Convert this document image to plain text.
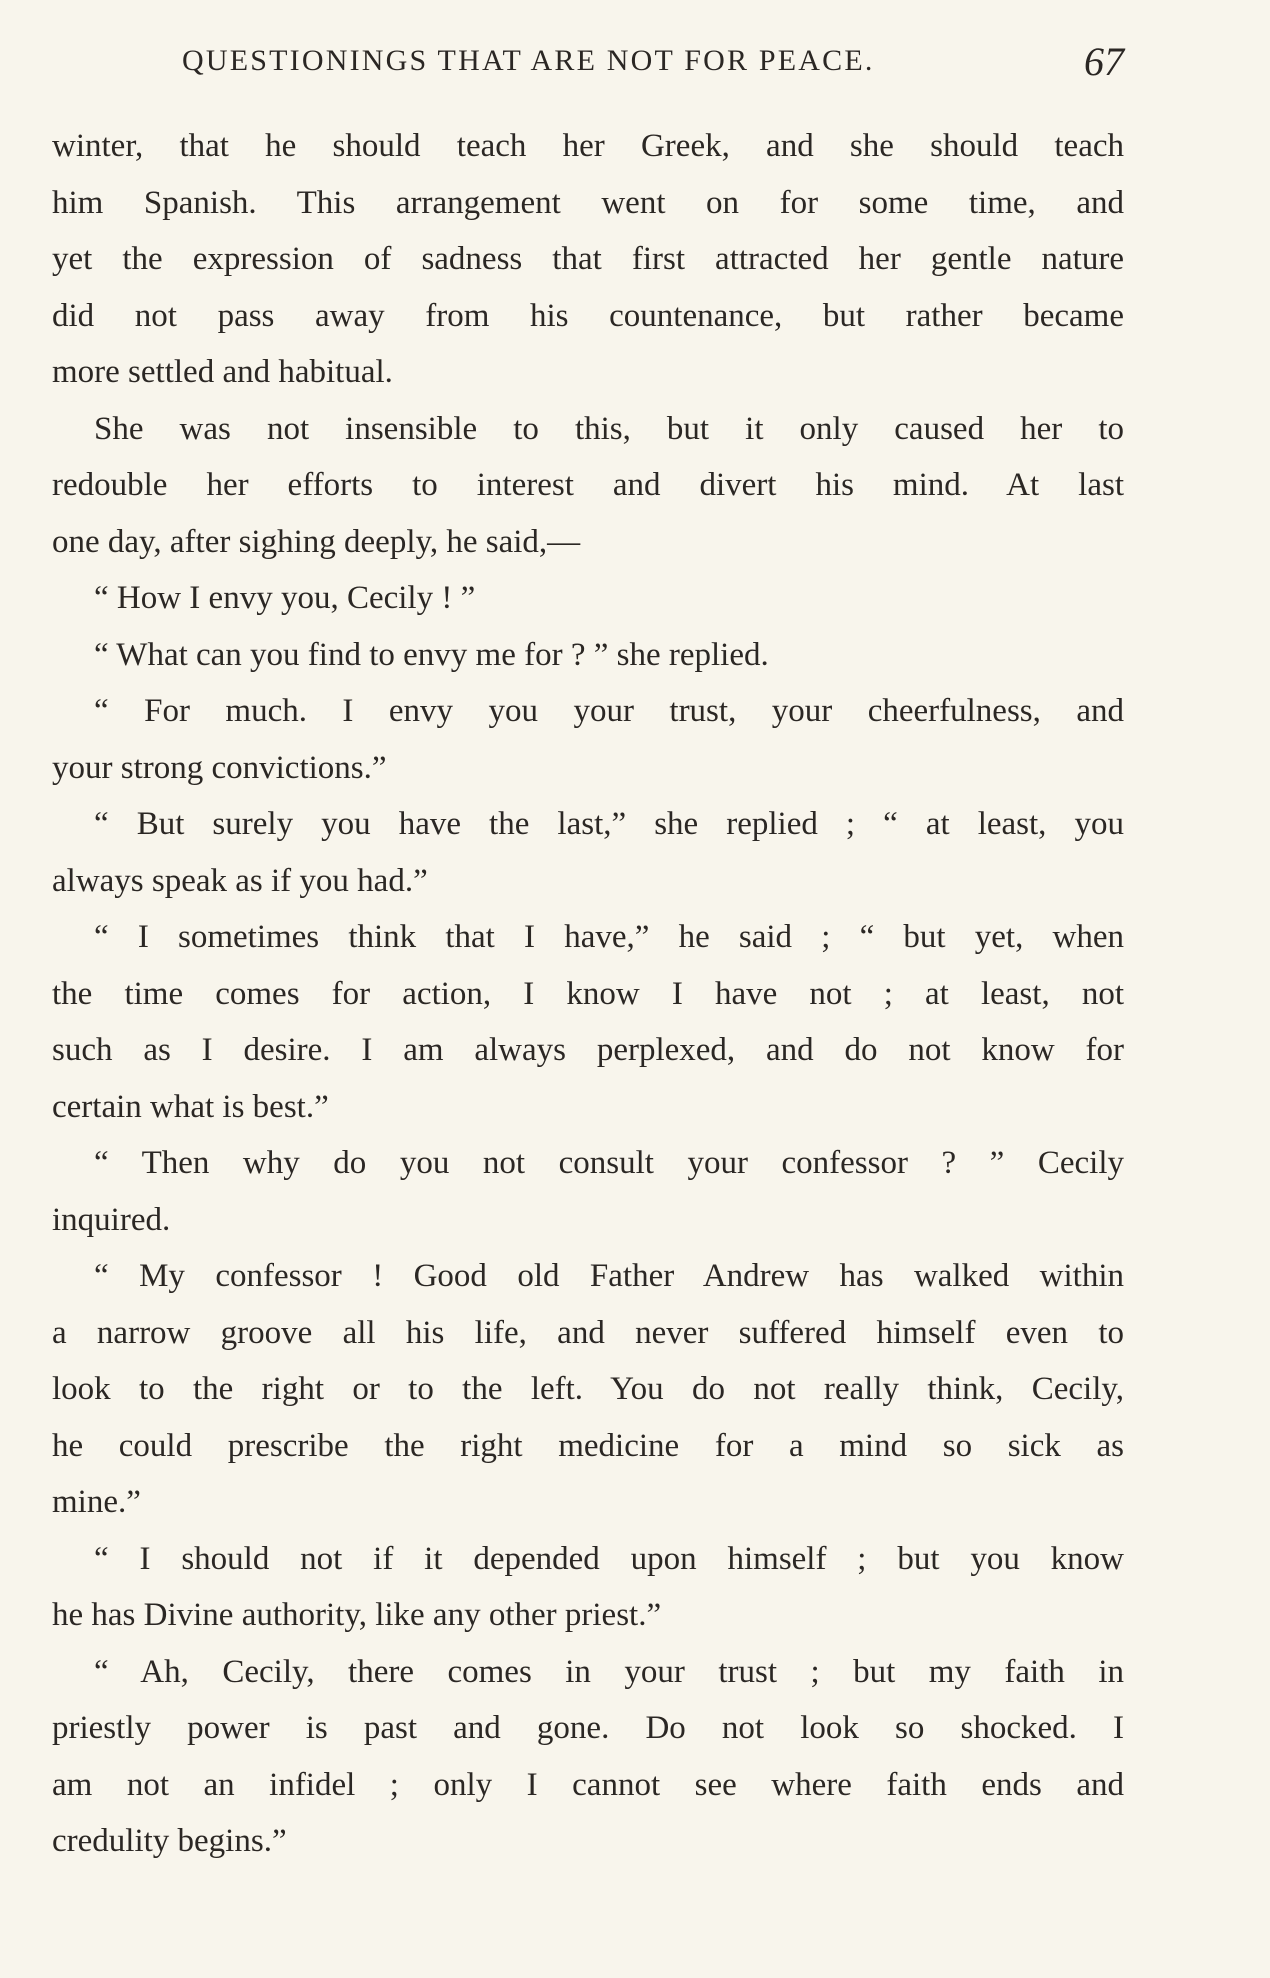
QUESTIONINGS THAT ARE NOT FOR PEACE.	67
winter, that he should teach her Greek, and she should teach
him Spanish. This arrangement went on for some time, and
yet the expression of sadness that first attracted her gentle nature
did not pass away from his countenance, but rather became
more settled and habitual.
She was not insensible to this, but it only caused her to
redouble her efforts to interest and divert his mind. At last
one day, after sighing deeply, he said,—
“ How I envy you, Cecily ! ”
“ What can you find to envy me for ? ” she replied.
“ For much. I envy you your trust, your cheerfulness, and
your strong convictions.”
“ But surely you have the last,” she replied ; “ at least, you
always speak as if you had.”
“ I sometimes think that I have,” he said ; “ but yet, when
the time comes for action, I know I have not ; at least, not
such as I desire. I am always perplexed, and do not know for
certain what is best.”
“ Then why do you not consult your confessor ? ” Cecily
inquired.
“ My confessor ! Good old Father Andrew has walked within
a narrow groove all his life, and never suffered himself even to
look to the right or to the left. You do not really think, Cecily,
he could prescribe the right medicine for a mind so sick as
mine.”
“ I should not if it depended upon himself ; but you know
he has Divine authority, like any other priest.”
“ Ah, Cecily, there comes in your trust ; but my faith in
priestly power is past and gone. Do not look so shocked. I
am not an infidel ; only I cannot see where faith ends and
credulity begins.”
